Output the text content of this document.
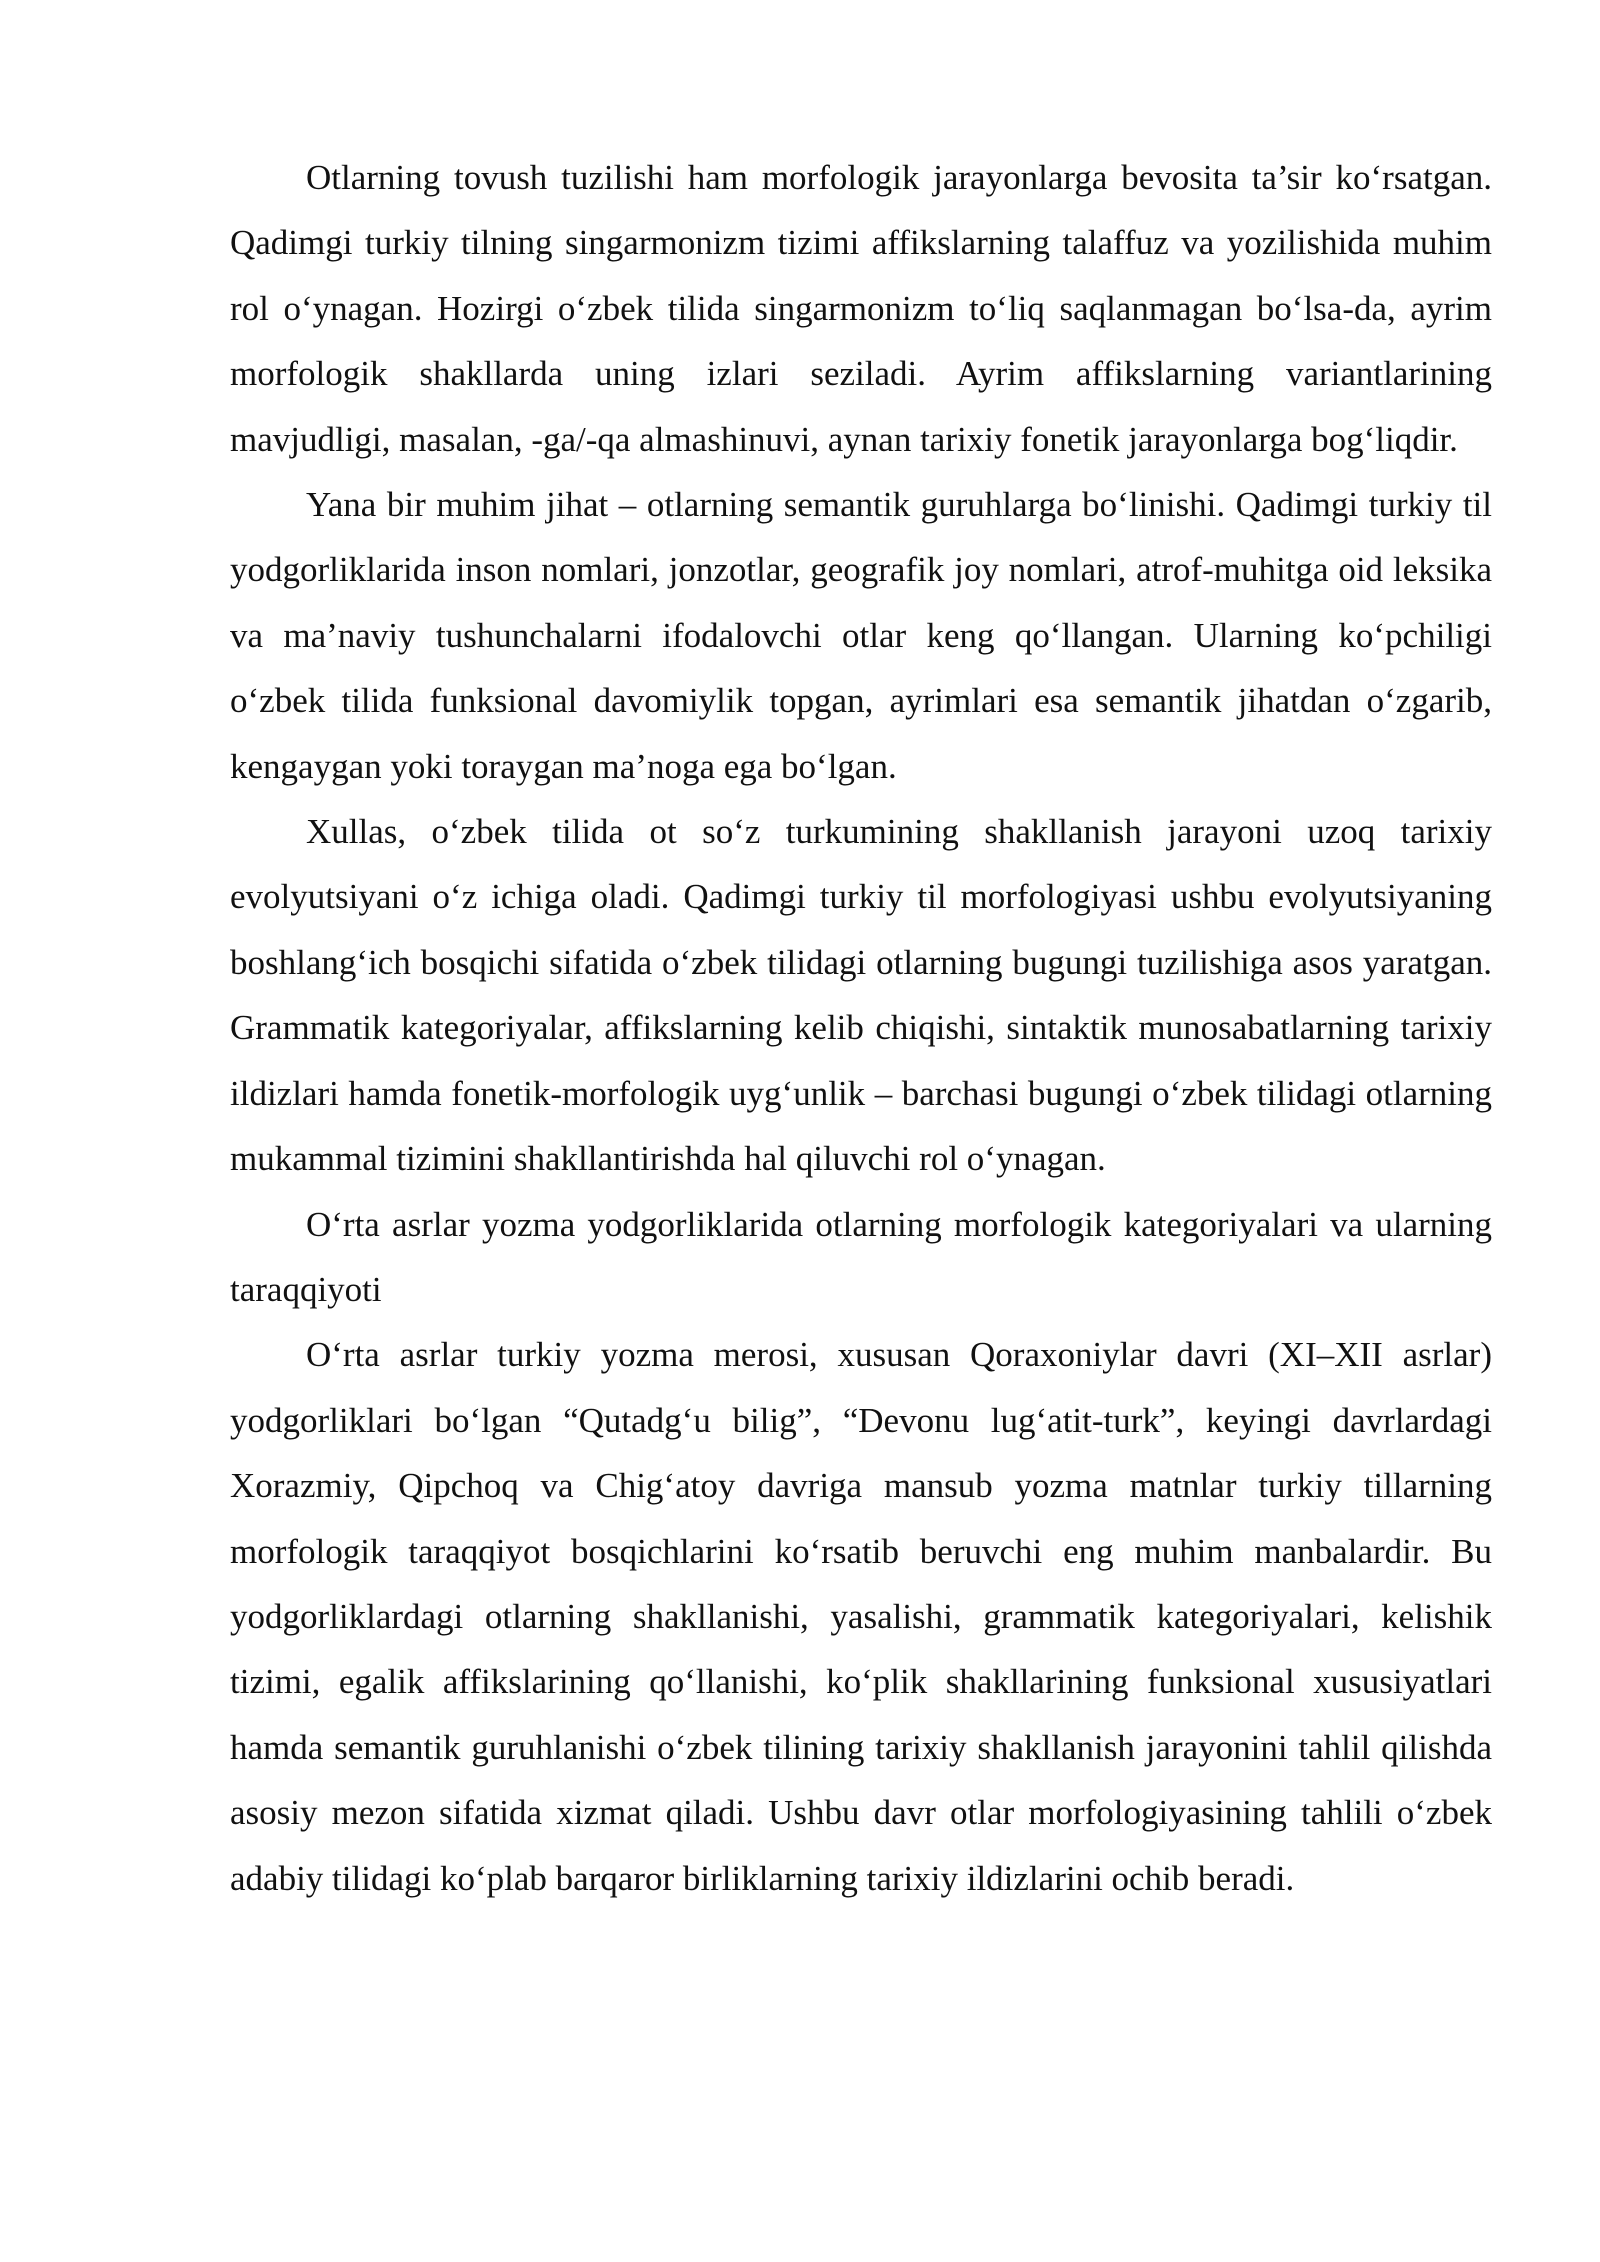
Otlarning tovush tuzilishi ham morfologik jarayonlarga bevosita ta’sir ko‘rsatgan. Qadimgi turkiy tilning singarmonizm tizimi affikslarning talaffuz va yozilishida muhim rol o‘ynagan. Hozirgi o‘zbek tilida singarmonizm to‘liq saqlanmagan bo‘lsa-da, ayrim morfologik shakllarda uning izlari seziladi. Ayrim affikslarning variantlarining mavjudligi, masalan, -ga/-qa almashinuvi, aynan tarixiy fonetik jarayonlarga bog‘liqdir.

Yana bir muhim jihat – otlarning semantik guruhlarga bo‘linishi. Qadimgi turkiy til yodgorliklarida inson nomlari, jonzotlar, geografik joy nomlari, atrof-muhitga oid leksika va ma’naviy tushunchalarni ifodalovchi otlar keng qo‘llangan. Ularning ko‘pchiligi o‘zbek tilida funksional davomiylik topgan, ayrimlari esa semantik jihatdan o‘zgarib, kengaygan yoki toraygan ma’noga ega bo‘lgan.

Xullas, o‘zbek tilida ot so‘z turkumining shakllanish jarayoni uzoq tarixiy evolyutsiyani o‘z ichiga oladi. Qadimgi turkiy til morfologiyasi ushbu evolyutsiyaning boshlang‘ich bosqichi sifatida o‘zbek tilidagi otlarning bugungi tuzilishiga asos yaratgan. Grammatik kategoriyalar, affikslarning kelib chiqishi, sintaktik munosabatlarning tarixiy ildizlari hamda fonetik-morfologik uyg‘unlik – barchasi bugungi o‘zbek tilidagi otlarning mukammal tizimini shakllantirishda hal qiluvchi rol o‘ynagan.

O‘rta asrlar yozma yodgorliklarida otlarning morfologik kategoriyalari va ularning taraqqiyoti

O‘rta asrlar turkiy yozma merosi, xususan Qoraxoniylar davri (XI–XII asrlar) yodgorliklari bo‘lgan “Qutadg‘u bilig”, “Devonu lug‘atit-turk”, keyingi davrlardagi Xorazmiy, Qipchoq va Chig‘atoy davriga mansub yozma matnlar turkiy tillarning morfologik taraqqiyot bosqichlarini ko‘rsatib beruvchi eng muhim manbalardir. Bu yodgorliklardagi otlarning shakllanishi, yasalishi, grammatik kategoriyalari, kelishik tizimi, egalik affikslarining qo‘llanishi, ko‘plik shakllarining funksional xususiyatlari hamda semantik guruhlanishi o‘zbek tilining tarixiy shakllanish jarayonini tahlil qilishda asosiy mezon sifatida xizmat qiladi. Ushbu davr otlar morfologiyasining tahlili o‘zbek adabiy tilidagi ko‘plab barqaror birliklarning tarixiy ildizlarini ochib beradi.
